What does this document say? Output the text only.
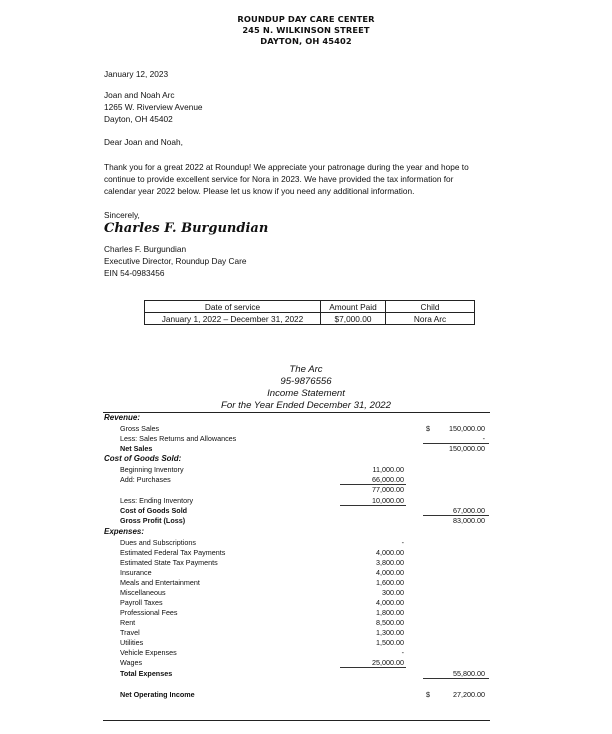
ROUNDUP DAY CARE CENTER
245 N. WILKINSON STREET
DAYTON, OH 45402
January 12, 2023

Joan and Noah Arc

1265 W. Riverview Avenue

Dayton, OH 45402

Dear Joan and Noah,

Thank you for a great 2022 at Roundup! We appreciate your patronage during the year and hope to

continue to provide excellent service for Nora in 2023. We have provided the tax information for

calendar year 2022 below. Please let us know if you need any additional information.

Sincerely,
Charles F. Burgundian

Charles F. Burgundian

Executive Director, Roundup Day Care

EIN 54-0983456

Date of service	Amount Paid	Child
January 1, 2022 – December 31, 2022	$7,000.00	Nora Arc
The Arc
95-9876556
Income Statement
For the Year Ended December 31, 2022
Revenue:
Gross Sales	$	150,000.00
Less: Sales Returns and Allowances	-
Net Sales	150,000.00
Cost of Goods Sold:
Beginning Inventory	11,000.00
Add: Purchases	66,000.00
77,000.00
Less: Ending Inventory	10,000.00
Cost of Goods Sold	67,000.00
Gross Profit (Loss)	83,000.00
Expenses:
Dues and Subscriptions	-
Estimated Federal Tax Payments	4,000.00
Estimated State Tax Payments	3,800.00
Insurance	4,000.00
Meals and Entertainment	1,600.00
Miscellaneous	300.00
Payroll Taxes	4,000.00
Professional Fees	1,800.00
Rent	8,500.00
Travel	1,300.00
Utilities	1,500.00
Vehicle Expenses	-
Wages	25,000.00
Total Expenses	55,800.00
Net Operating Income	$	27,200.00
